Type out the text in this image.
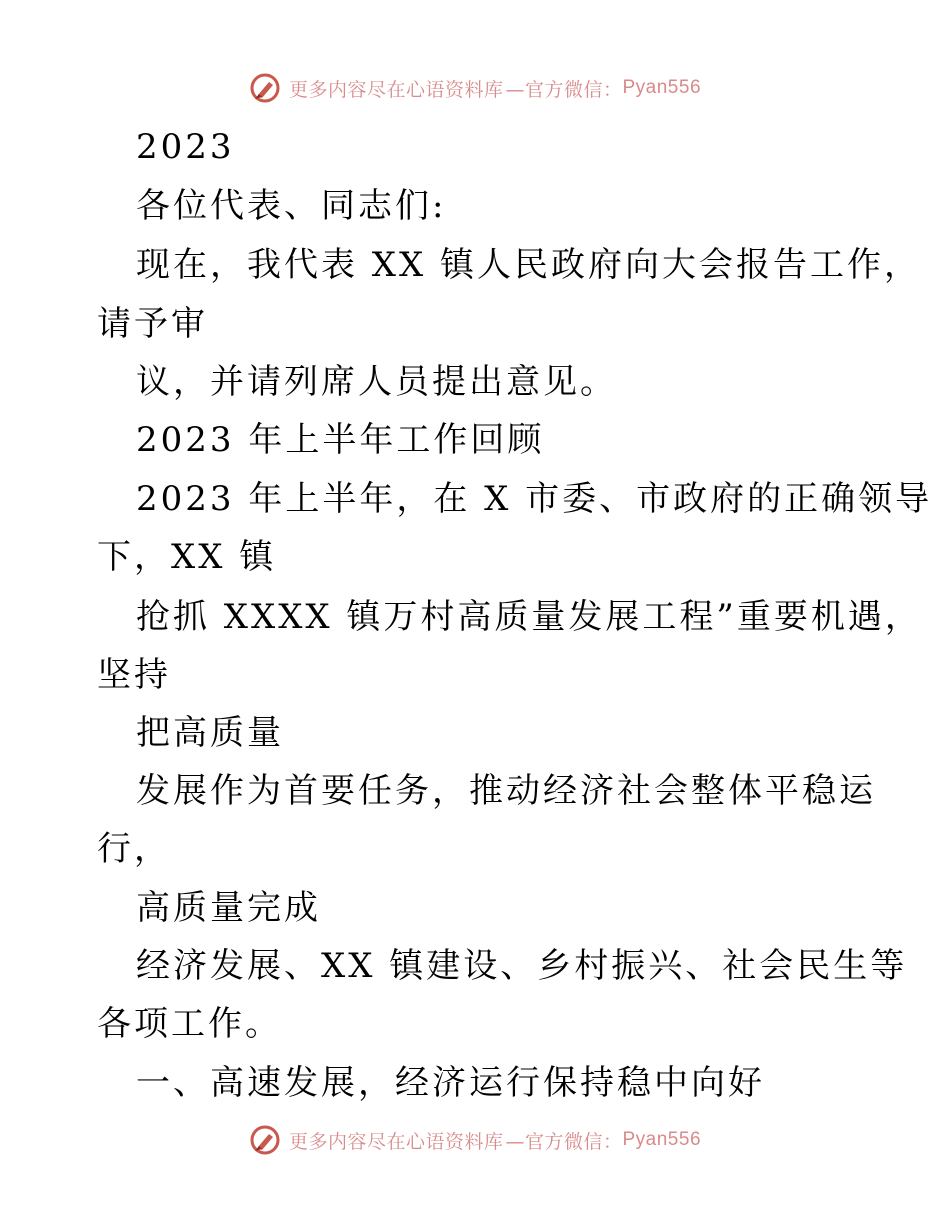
更多内容尽在心语资料库 —官方微信： Pyan556
2023
各位代表、同志们:
现在，我代表 XX 镇人民政府向大会报告工作，
请予审
议，并请列席人员提出意见。
2023 年上半年工作回顾
2023 年上半年，在 X 市委、市政府的正确领导
下，XX 镇
抢抓 XXXX 镇万村高质量发展工程”重要机遇，
坚持
把高质量
发展作为首要任务，推动经济社会整体平稳运
行，
高质量完成
经济发展、XX 镇建设、乡村振兴、社会民生等
各项工作。
一、高速发展，经济运行保持稳中向好
更多内容尽在心语资料库 —官方微信： Pyan556
